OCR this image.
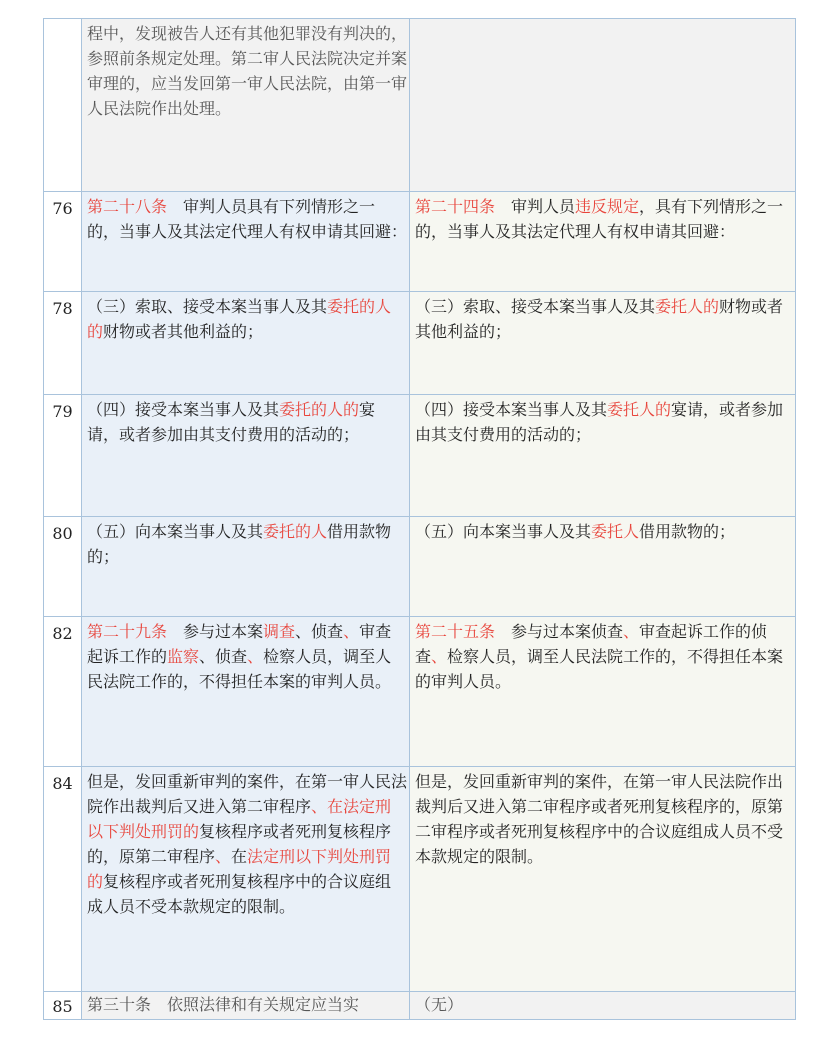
	程中，发现被告人还有其他犯罪没有判决的，参照前条规定处理。第二审人民法院决定并案审理的，应当发回第一审人民法院，由第一审人民法院作出处理。	
76	第二十八条　审判人员具有下列情形之一的，当事人及其法定代理人有权申请其回避：	第二十四条　审判人员违反规定，具有下列情形之一的，当事人及其法定代理人有权申请其回避：
78	（三）索取、接受本案当事人及其委托的人的财物或者其他利益的；	（三）索取、接受本案当事人及其委托人的财物或者其他利益的；
79	（四）接受本案当事人及其委托的人的宴请，或者参加由其支付费用的活动的；	（四）接受本案当事人及其委托人的宴请，或者参加由其支付费用的活动的；
80	（五）向本案当事人及其委托的人借用款物的；	（五）向本案当事人及其委托人借用款物的；
82	第二十九条　参与过本案调查、侦查、审查起诉工作的监察、侦查、检察人员，调至人民法院工作的，不得担任本案的审判人员。	第二十五条　参与过本案侦查、审查起诉工作的侦查、检察人员，调至人民法院工作的，不得担任本案的审判人员。
84	但是，发回重新审判的案件，在第一审人民法院作出裁判后又进入第二审程序、在法定刑以下判处刑罚的复核程序或者死刑复核程序的，原第二审程序、在法定刑以下判处刑罚的复核程序或者死刑复核程序中的合议庭组成人员不受本款规定的限制。	但是，发回重新审判的案件，在第一审人民法院作出裁判后又进入第二审程序或者死刑复核程序的，原第二审程序或者死刑复核程序中的合议庭组成人员不受本款规定的限制。
85	第三十条　依照法律和有关规定应当实	（无）
